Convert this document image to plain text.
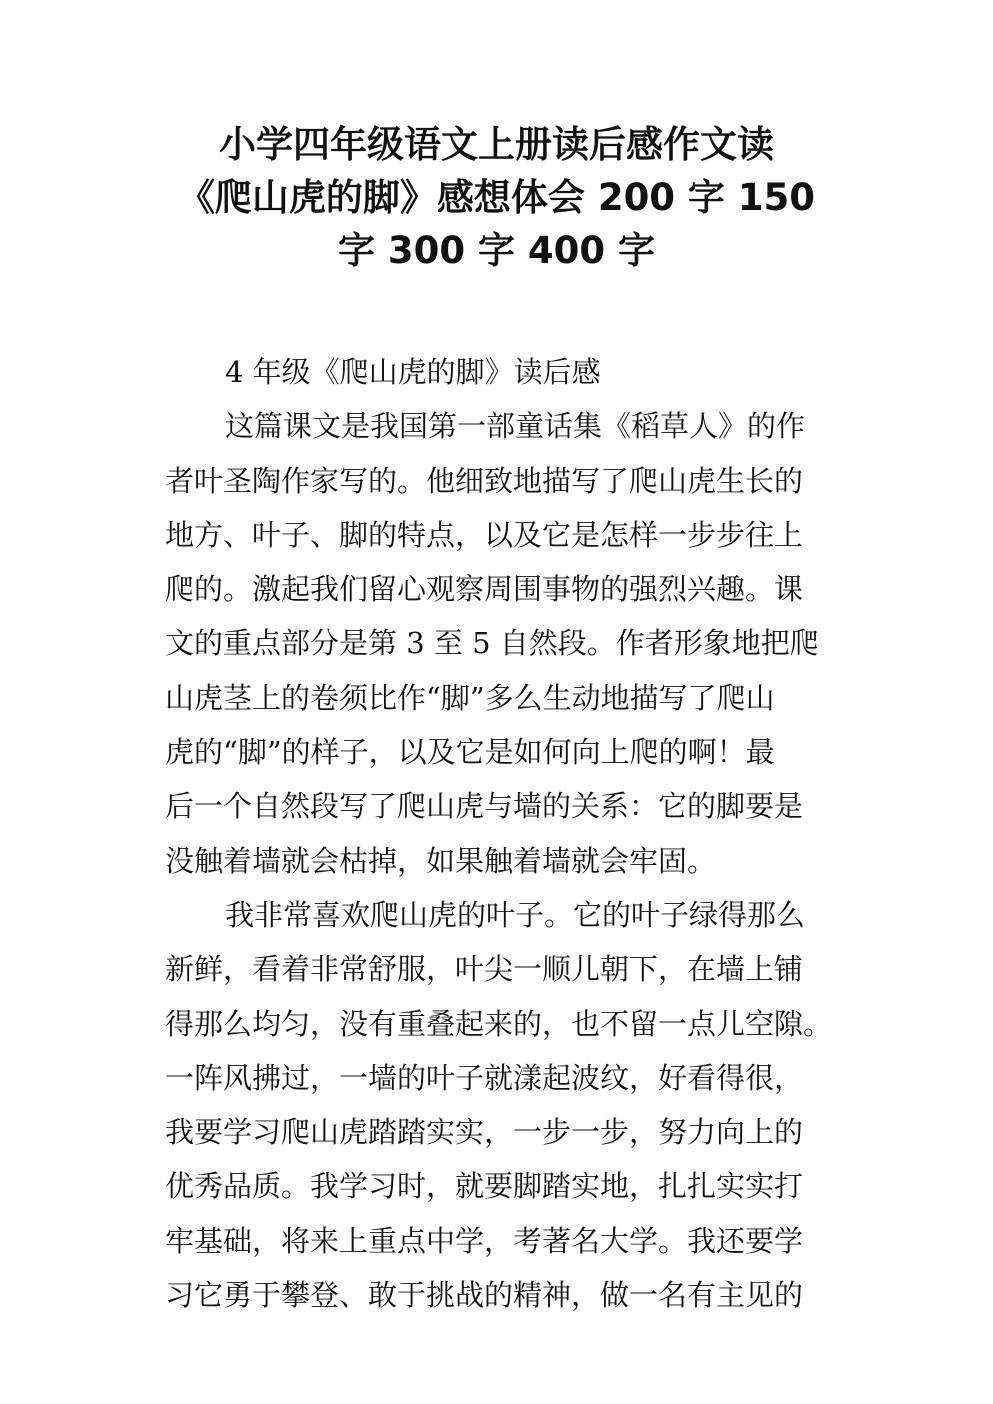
小学四年级语文上册读后感作文读
《爬山虎的脚》感想体会 200 字 150
字 300 字 400 字
4 年级《爬山虎的脚》读后感
这篇课文是我国第一部童话集《稻草人》的作
者叶圣陶作家写的。他细致地描写了爬山虎生长的
地方、叶子、脚的特点，以及它是怎样一步步往上
爬的。激起我们留心观察周围事物的强烈兴趣。课
文的重点部分是第 3 至 5 自然段。作者形象地把爬
山虎茎上的卷须比作“脚”多么生动地描写了爬山
虎的“脚”的样子，以及它是如何向上爬的啊！最
后一个自然段写了爬山虎与墙的关系：它的脚要是
没触着墙就会枯掉，如果触着墙就会牢固。
我非常喜欢爬山虎的叶子。它的叶子绿得那么
新鲜，看着非常舒服，叶尖一顺儿朝下，在墙上铺
得那么均匀，没有重叠起来的，也不留一点儿空隙。
一阵风拂过，一墙的叶子就漾起波纹，好看得很，
我要学习爬山虎踏踏实实，一步一步，努力向上的
优秀品质。我学习时，就要脚踏实地，扎扎实实打
牢基础，将来上重点中学，考著名大学。我还要学
习它勇于攀登、敢于挑战的精神，做一名有主见的
